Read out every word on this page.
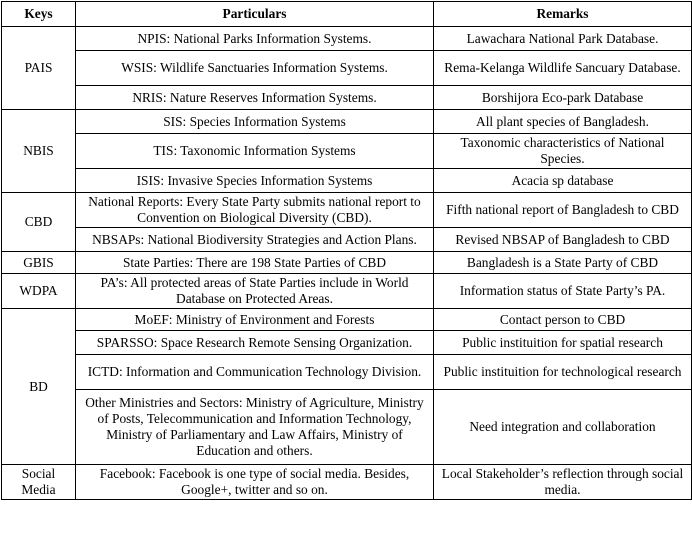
Keys	Particulars	Remarks
PAIS	NPIS: National Parks Information Systems.	Lawachara National Park Database.
	WSIS: Wildlife Sanctuaries Information Systems.	Rema-Kelanga Wildlife Sancuary Database.
	NRIS: Nature Reserves Information Systems.	Borshijora Eco-park Database
NBIS	SIS: Species Information Systems	All plant species of Bangladesh.
	TIS: Taxonomic Information Systems	Taxonomic characteristics of National Species.
	ISIS: Invasive Species Information Systems	Acacia sp database
CBD	National Reports: Every State Party submits national report to Convention on Biological Diversity (CBD).	Fifth national report of Bangladesh to CBD
	NBSAPs: National Biodiversity Strategies and Action Plans.	Revised NBSAP of Bangladesh to CBD
GBIS	State Parties: There are 198 State Parties of CBD	Bangladesh is a State Party of CBD
WDPA	PA’s: All protected areas of State Parties include in World Database on Protected Areas.	Information status of State Party’s PA.
BD	MoEF: Ministry of Environment and Forests	Contact person to CBD
	SPARSSO: Space Research Remote Sensing Organization.	Public instituition for spatial research
	ICTD: Information and Communication Technology Division.	Public instituition for technological research
	Other Ministries and Sectors: Ministry of Agriculture, Ministry of Posts, Telecommunication and Information Technology, Ministry of Parliamentary and Law Affairs, Ministry of Education and others.	Need integration and collaboration
Social Media	Facebook: Facebook is one type of social media. Besides, Google+, twitter and so on.	Local Stakeholder’s reflection through social media.
